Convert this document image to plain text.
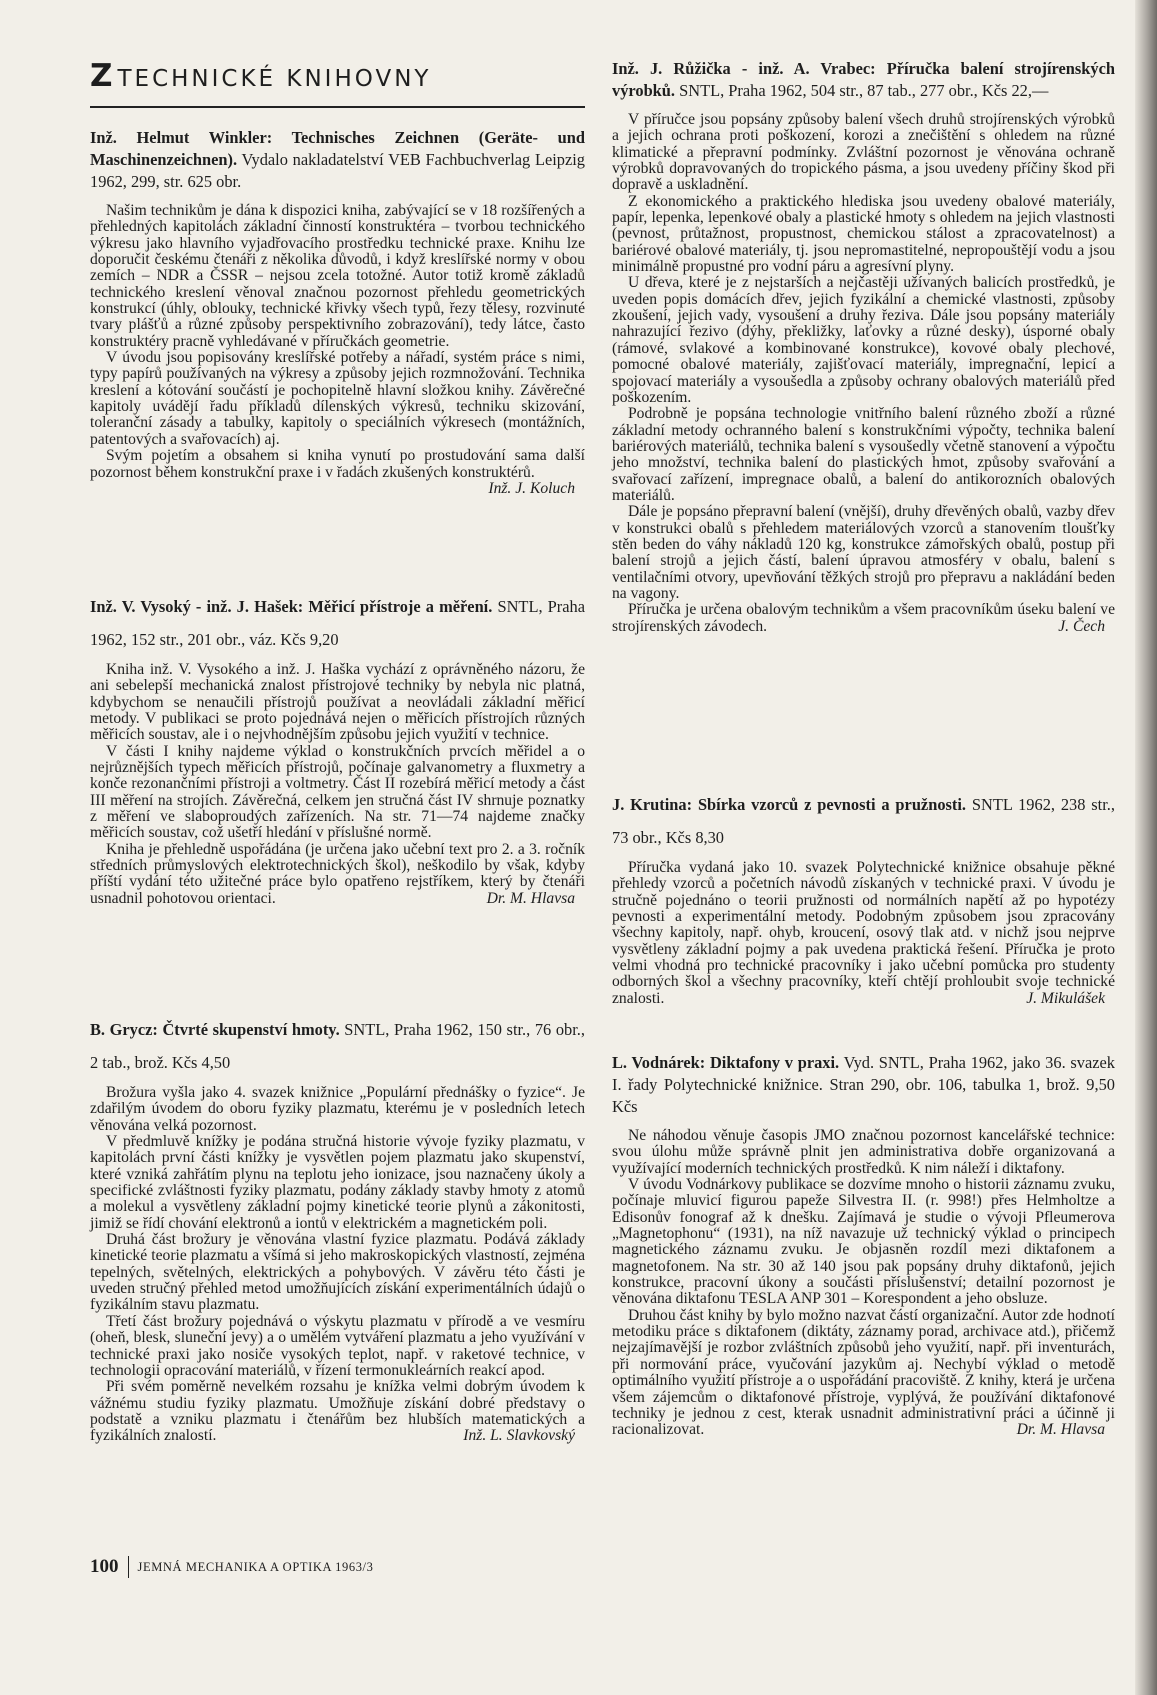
Z TECHNICKÉ KNIHOVNY
Inž. Helmut Winkler: Technisches Zeichnen (Geräte- und Maschinenzeichnen). Vydalo nakladatelství VEB Fachbuchverlag Leipzig 1962, 299, str. 625 obr.

Našim technikům je dána k dispozici kniha, zabývající se v 18 rozšířených a přehledných kapitolách základní činností konstruktéra – tvorbou technického výkresu jako hlavního vyjadřovacího prostředku technické praxe. Knihu lze doporučit českému čtenáři z několika důvodů, i když kreslířské normy v obou zemích – NDR a ČSSR – nejsou zcela totožné. Autor totiž kromě základů technického kreslení věnoval značnou pozornost přehledu geometrických konstrukcí (úhly, oblouky, technické křivky všech typů, řezy tělesy, rozvinuté tvary plášťů a různé způsoby perspektivního zobrazování), tedy látce, často konstruktéry pracně vyhledávané v příručkách geometrie.

V úvodu jsou popisovány kreslířské potřeby a nářadí, systém práce s nimi, typy papírů používaných na výkresy a způsoby jejich rozmnožování. Technika kreslení a kótování součástí je pochopitelně hlavní složkou knihy. Závěrečné kapitoly uvádějí řadu příkladů dílenských výkresů, techniku skizování, toleranční zásady a tabulky, kapitoly o speciálních výkresech (montážních, patentových a svařovacích) aj.

Svým pojetím a obsahem si kniha vynutí po prostudování sama další pozornost během konstrukční praxe i v řadách zkušených konstruktérů.
Inž. J. Koluch

Inž. V. Vysoký - inž. J. Hašek: Měřicí přístroje a měření. SNTL, Praha 1962, 152 str., 201 obr., váz. Kčs 9,20

Kniha inž. V. Vysokého a inž. J. Haška vychází z oprávněného názoru, že ani sebelepší mechanická znalost přístrojové techniky by nebyla nic platná, kdybychom se nenaučili přístrojů používat a neovládali základní měřicí metody. V publikaci se proto pojednává nejen o měřicích přístrojích různých měřicích soustav, ale i o nejvhodnějším způsobu jejich využití v technice.

V části I knihy najdeme výklad o konstrukčních prvcích měřidel a o nejrůznějších typech měřicích přístrojů, počínaje galvanometry a fluxmetry a konče rezonančními přístroji a voltmetry. Část II rozebírá měřicí metody a část III měření na strojích. Závěrečná, celkem jen stručná část IV shrnuje poznatky z měření ve slaboproudých zařízeních. Na str. 71—74 najdeme značky měřicích soustav, což ušetří hledání v příslušné normě.

Kniha je přehledně uspořádána (je určena jako učební text pro 2. a 3. ročník středních průmyslových elektrotechnických škol), neškodilo by však, kdyby příští vydání této užitečné práce bylo opatřeno rejstříkem, který by čtenáři usnadnil pohotovou orientaci.	Dr. M. Hlavsa

B. Grycz: Čtvrté skupenství hmoty. SNTL, Praha 1962, 150 str., 76 obr., 2 tab., brož. Kčs 4,50

Brožura vyšla jako 4. svazek knižnice „Populární přednášky o fyzice“. Je zdařilým úvodem do oboru fyziky plazmatu, kterému je v posledních letech věnována velká pozornost.

V předmluvě knížky je podána stručná historie vývoje fyziky plazmatu, v kapitolách první části knížky je vysvětlen pojem plazmatu jako skupenství, které vzniká zahřátím plynu na teplotu jeho ionizace, jsou naznačeny úkoly a specifické zvláštnosti fyziky plazmatu, podány základy stavby hmoty z atomů a molekul a vysvětleny základní pojmy kinetické teorie plynů a zákonitosti, jimiž se řídí chování elektronů a iontů v elektrickém a magnetickém poli.

Druhá část brožury je věnována vlastní fyzice plazmatu. Podává základy kinetické teorie plazmatu a všímá si jeho makroskopických vlastností, zejména tepelných, světelných, elektrických a pohybových. V závěru této části je uveden stručný přehled metod umožňujících získání experimentálních údajů o fyzikálním stavu plazmatu.

Třetí část brožury pojednává o výskytu plazmatu v přírodě a ve vesmíru (oheň, blesk, sluneční jevy) a o umělém vytváření plazmatu a jeho využívání v technické praxi jako nosiče vysokých teplot, např. v raketové technice, v technologii opracování materiálů, v řízení termonukleárních reakcí apod.

Při svém poměrně nevelkém rozsahu je knížka velmi dobrým úvodem k vážnému studiu fyziky plazmatu. Umožňuje získání dobré představy o podstatě a vzniku plazmatu i čtenářům bez hlubších matematických a fyzikálních znalostí.	Inž. L. Slavkovský

Inž. J. Růžička - inž. A. Vrabec: Příručka balení strojírenských výrobků. SNTL, Praha 1962, 504 str., 87 tab., 277 obr., Kčs 22,—

V příručce jsou popsány způsoby balení všech druhů strojírenských výrobků a jejich ochrana proti poškození, korozi a znečištění s ohledem na různé klimatické a přepravní podmínky. Zvláštní pozornost je věnována ochraně výrobků dopravovaných do tropického pásma, a jsou uvedeny příčiny škod při dopravě a uskladnění.

Z ekonomického a praktického hlediska jsou uvedeny obalové materiály, papír, lepenka, lepenkové obaly a plastické hmoty s ohledem na jejich vlastnosti (pevnost, průtažnost, propustnost, chemickou stálost a zpracovatelnost) a bariérové obalové materiály, tj. jsou nepromastitelné, nepropouštějí vodu a jsou minimálně propustné pro vodní páru a agresívní plyny.

U dřeva, které je z nejstarších a nejčastěji užívaných balicích prostředků, je uveden popis domácích dřev, jejich fyzikální a chemické vlastnosti, způsoby zkoušení, jejich vady, vysoušení a druhy řeziva. Dále jsou popsány materiály nahrazující řezivo (dýhy, překližky, laťovky a různé desky), úsporné obaly (rámové, svlakové a kombinované konstrukce), kovové obaly plechové, pomocné obalové materiály, zajišťovací materiály, impregnační, lepicí a spojovací materiály a vysoušedla a způsoby ochrany obalových materiálů před poškozením.

Podrobně je popsána technologie vnitřního balení různého zboží a různé základní metody ochranného balení s konstrukčními výpočty, technika balení bariérových materiálů, technika balení s vysoušedly včetně stanovení a výpočtu jeho množství, technika balení do plastických hmot, způsoby svařování a svařovací zařízení, impregnace obalů, a balení do antikorozních obalových materiálů.

Dále je popsáno přepravní balení (vnější), druhy dřevěných obalů, vazby dřev v konstrukci obalů s přehledem materiálových vzorců a stanovením tloušťky stěn beden do váhy nákladů 120 kg, konstrukce zámořských obalů, postup při balení strojů a jejich částí, balení úpravou atmosféry v obalu, balení s ventilačními otvory, upevňování těžkých strojů pro přepravu a nakládání beden na vagony.

Příručka je určena obalovým technikům a všem pracovníkům úseku balení ve strojírenských závodech.	J. Čech

J. Krutina: Sbírka vzorců z pevnosti a pružnosti. SNTL 1962, 238 str., 73 obr., Kčs 8,30

Příručka vydaná jako 10. svazek Polytechnické knižnice obsahuje pěkné přehledy vzorců a početních návodů získaných v technické praxi. V úvodu je stručně pojednáno o teorii pružnosti od normálních napětí až po hypotézy pevnosti a experimentální metody. Podobným způsobem jsou zpracovány všechny kapitoly, např. ohyb, kroucení, osový tlak atd. v nichž jsou nejprve vysvětleny základní pojmy a pak uvedena praktická řešení. Příručka je proto velmi vhodná pro technické pracovníky i jako učební pomůcka pro studenty odborných škol a všechny pracovníky, kteří chtějí prohloubit svoje technické znalosti.	J. Mikulášek

L. Vodnárek: Diktafony v praxi. Vyd. SNTL, Praha 1962, jako 36. svazek I. řady Polytechnické knižnice. Stran 290, obr. 106, tabulka 1, brož. 9,50 Kčs

Ne náhodou věnuje časopis JMO značnou pozornost kancelářské technice: svou úlohu může správně plnit jen administrativa dobře organizovaná a využívající moderních technických prostředků. K nim náleží i diktafony.

V úvodu Vodnárkovy publikace se dozvíme mnoho o historii záznamu zvuku, počínaje mluvicí figurou papeže Silvestra II. (r. 998!) přes Helmholtze a Edisonův fonograf až k dnešku. Zajímavá je studie o vývoji Pfleumerova „Magnetophonu“ (1931), na níž navazuje už technický výklad o principech magnetického záznamu zvuku. Je objasněn rozdíl mezi diktafonem a magnetofonem. Na str. 30 až 140 jsou pak popsány druhy diktafonů, jejich konstrukce, pracovní úkony a součásti příslušenství; detailní pozornost je věnována diktafonu TESLA ANP 301 – Korespondent a jeho obsluze.

Druhou část knihy by bylo možno nazvat částí organizační. Autor zde hodnotí metodiku práce s diktafonem (diktáty, záznamy porad, archivace atd.), přičemž nejzajímavější je rozbor zvláštních způsobů jeho využití, např. při inventurách, při normování práce, vyučování jazykům aj. Nechybí výklad o metodě optimálního využití přístroje a o uspořádání pracoviště. Z knihy, která je určena všem zájemcům o diktafonové přístroje, vyplývá, že používání diktafonové techniky je jednou z cest, kterak usnadnit administrativní práci a účinně ji racionalizovat.	Dr. M. Hlavsa

100	JEMNÁ MECHANIKA A OPTIKA 1963/3
